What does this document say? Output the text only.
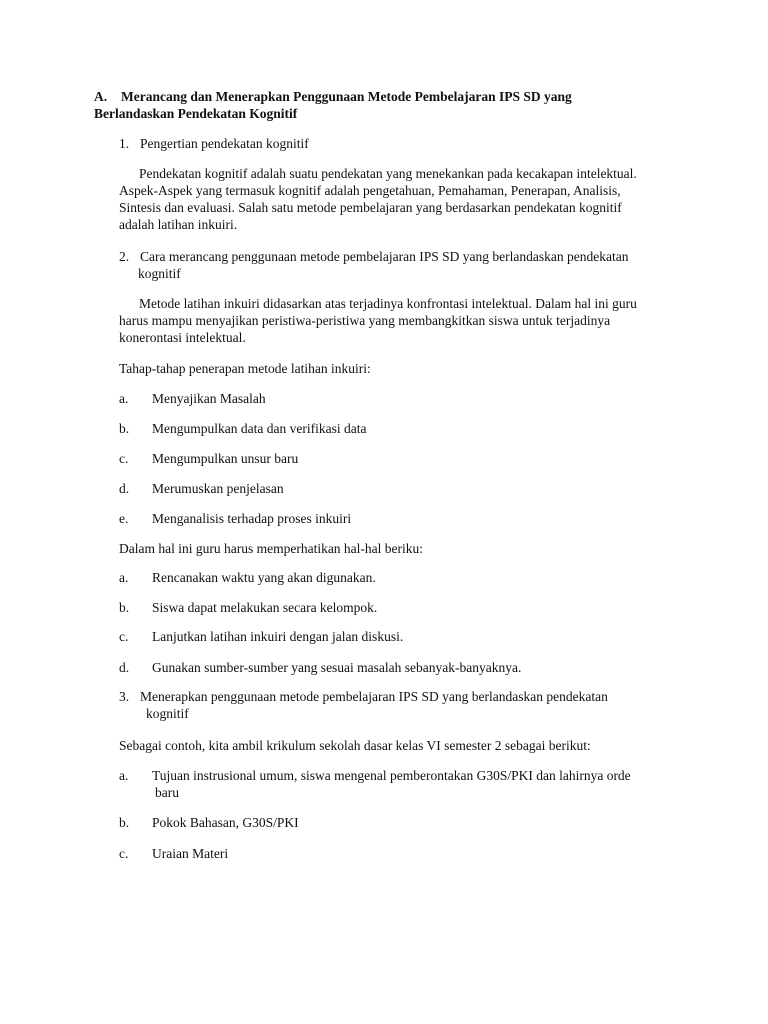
A. Merancang dan Menerapkan Penggunaan Metode Pembelajaran IPS SD yang
Berlandaskan Pendekatan Kognitif
1. Pengertian pendekatan kognitif
Pendekatan kognitif adalah suatu pendekatan yang menekankan pada kecakapan intelektual.
Aspek-Aspek yang termasuk kognitif adalah pengetahuan, Pemahaman, Penerapan, Analisis,
Sintesis dan evaluasi. Salah satu metode pembelajaran yang berdasarkan pendekatan kognitif
adalah latihan inkuiri.
2. Cara merancang penggunaan metode pembelajaran IPS SD yang berlandaskan pendekatan
kognitif
Metode latihan inkuiri didasarkan atas terjadinya konfrontasi intelektual. Dalam hal ini guru
harus mampu menyajikan peristiwa-peristiwa yang membangkitkan siswa untuk terjadinya
konerontasi intelektual.
Tahap-tahap penerapan metode latihan inkuiri:
a. Menyajikan Masalah
b. Mengumpulkan data dan verifikasi data
c. Mengumpulkan unsur baru
d. Merumuskan penjelasan
e. Menganalisis terhadap proses inkuiri
Dalam hal ini guru harus memperhatikan hal-hal beriku:
a. Rencanakan waktu yang akan digunakan.
b. Siswa dapat melakukan secara kelompok.
c. Lanjutkan latihan inkuiri dengan jalan diskusi.
d. Gunakan sumber-sumber yang sesuai masalah sebanyak-banyaknya.
3. Menerapkan penggunaan metode pembelajaran IPS SD yang berlandaskan pendekatan
kognitif
Sebagai contoh, kita ambil krikulum sekolah dasar kelas VI semester 2 sebagai berikut:
a. Tujuan instrusional umum, siswa mengenal pemberontakan G30S/PKI dan lahirnya orde
baru
b. Pokok Bahasan, G30S/PKI
c. Uraian Materi
